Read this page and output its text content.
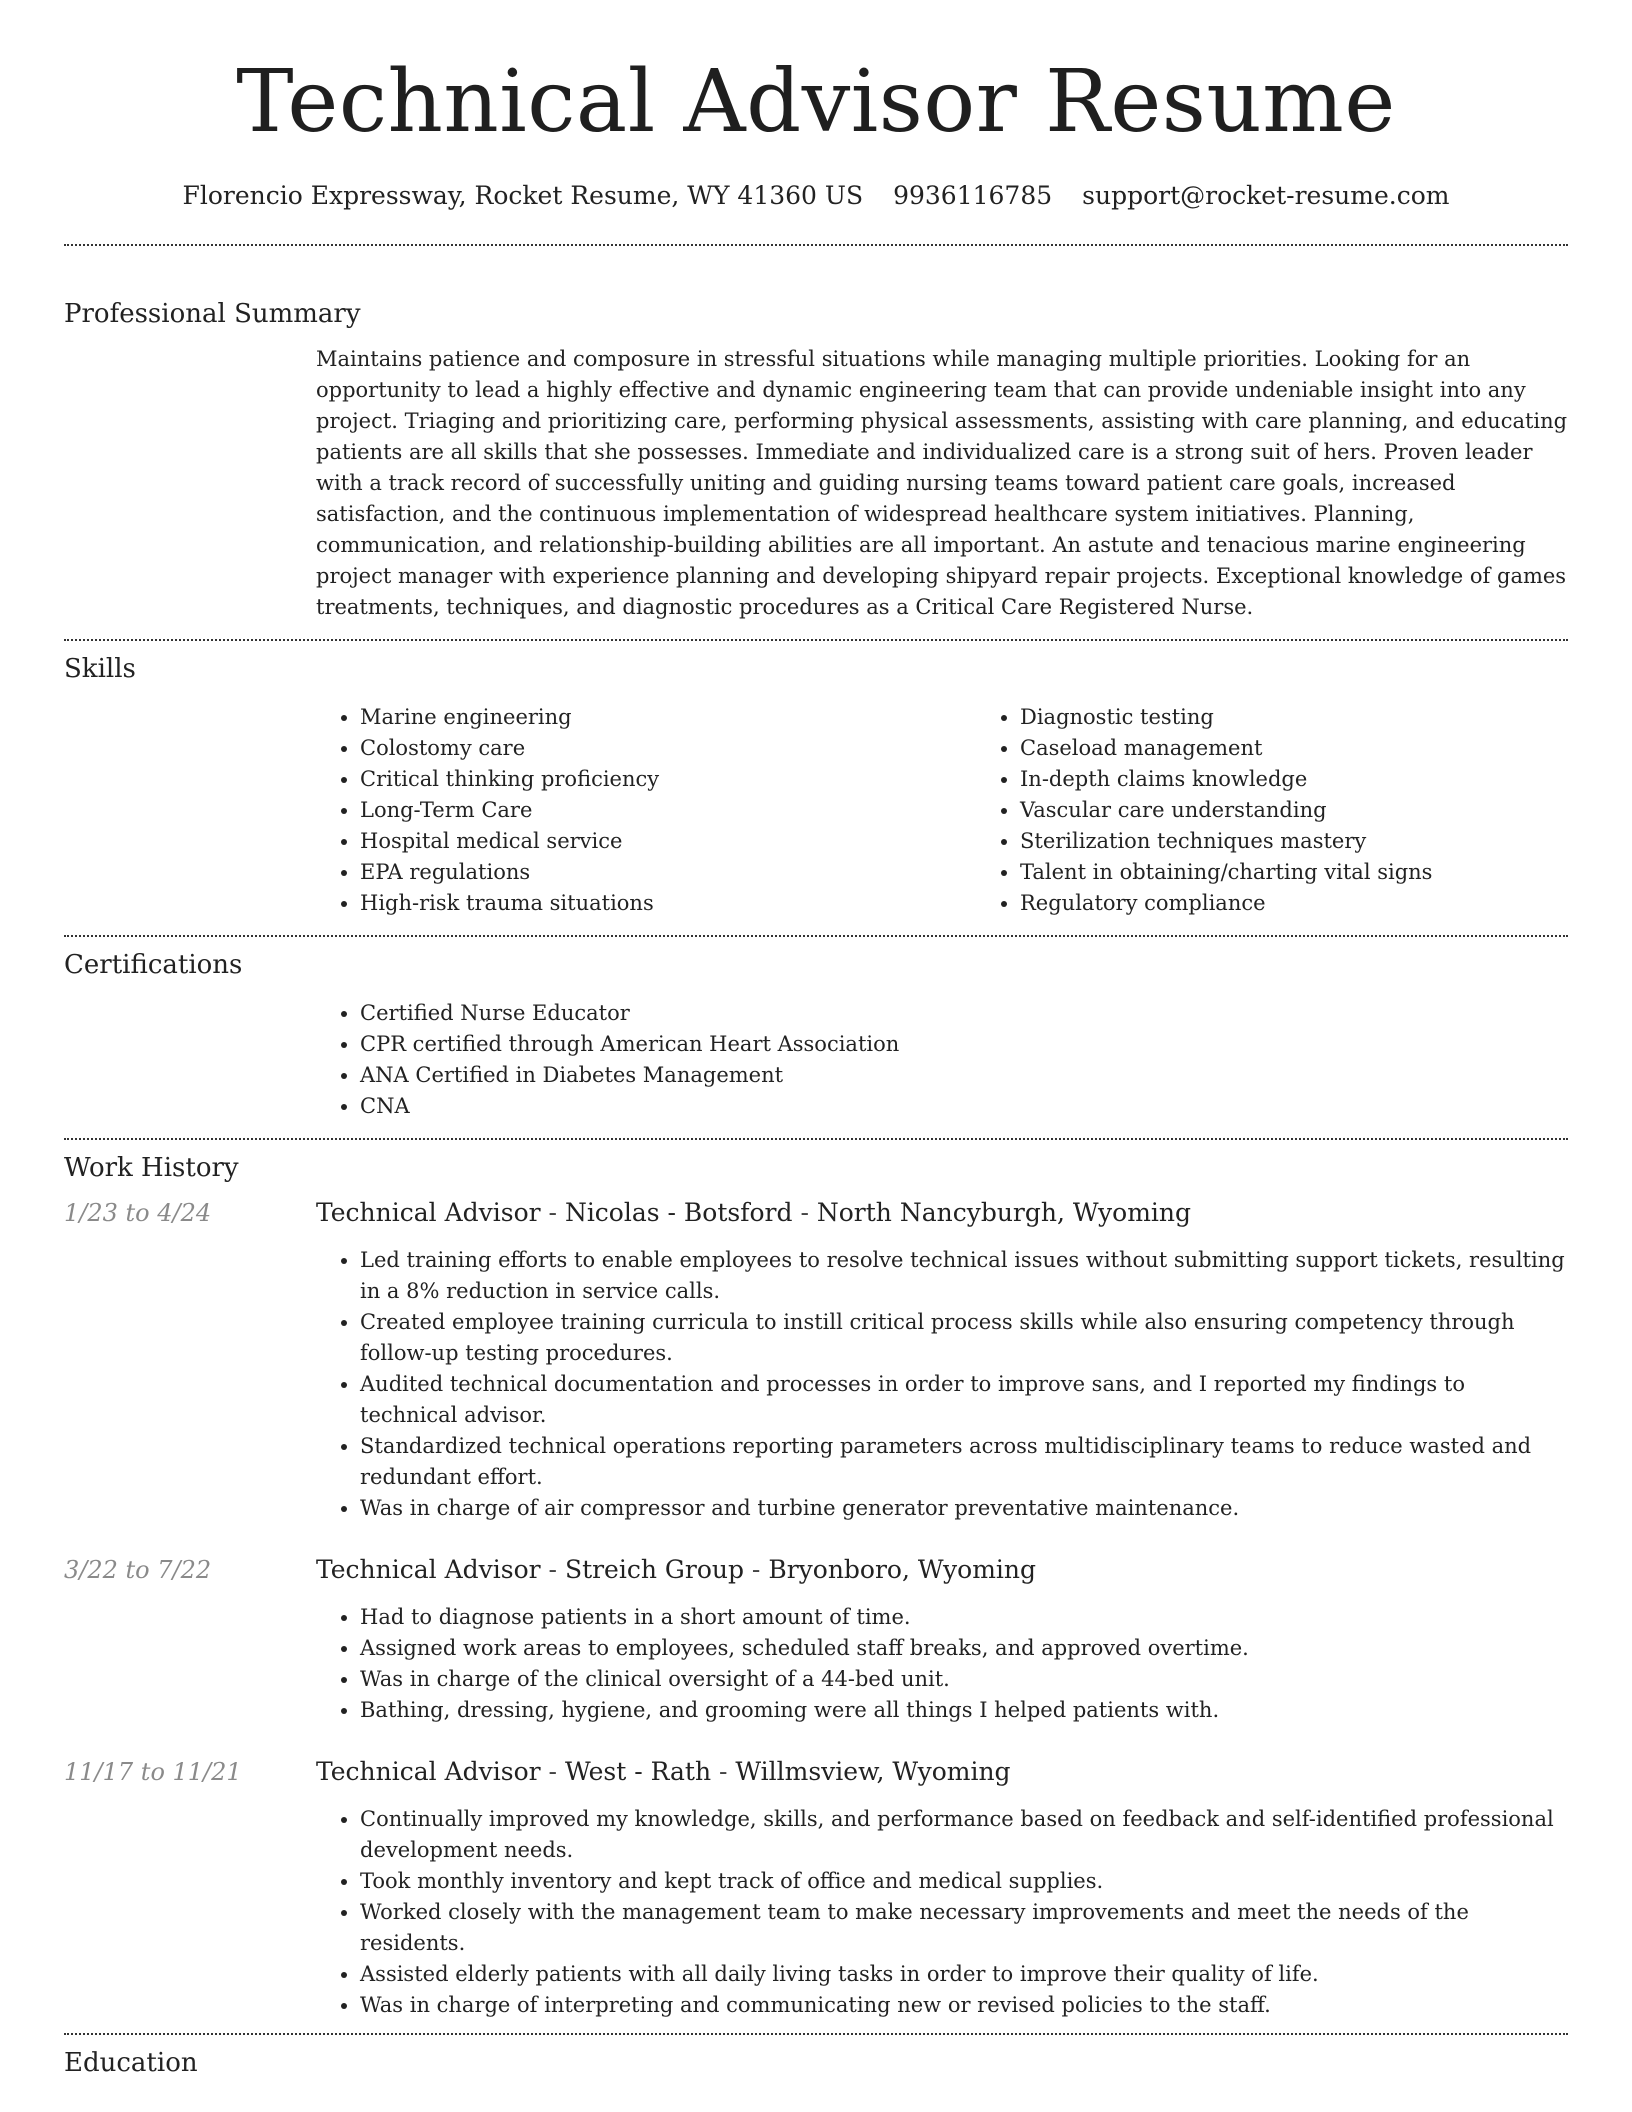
Technical Advisor Resume
Florencio Expressway, Rocket Resume, WY 41360 US 9936116785 support@rocket-resume.com
Professional Summary

Maintains patience and composure in stressful situations while managing multiple priorities. Looking for an opportunity to lead a highly effective and dynamic engineering team that can provide undeniable insight into any project. Triaging and prioritizing care, performing physical assessments, assisting with care planning, and educating patients are all skills that she possesses. Immediate and individualized care is a strong suit of hers. Proven leader with a track record of successfully uniting and guiding nursing teams toward patient care goals, increased satisfaction, and the continuous implementation of widespread healthcare system initiatives. Planning, communication, and relationship-building abilities are all important. An astute and tenacious marine engineering project manager with experience planning and developing shipyard repair projects. Exceptional knowledge of games treatments, techniques, and diagnostic procedures as a Critical Care Registered Nurse.

Skills
• Marine engineering
• Colostomy care
• Critical thinking proficiency
• Long-Term Care
• Hospital medical service
• EPA regulations
• High-risk trauma situations
• Diagnostic testing
• Caseload management
• In-depth claims knowledge
• Vascular care understanding
• Sterilization techniques mastery
• Talent in obtaining/charting vital signs
• Regulatory compliance
Certifications
• Certified Nurse Educator
• CPR certified through American Heart Association
• ANA Certified in Diabetes Management
• CNA
Work History
1/23 to 4/24	Technical Advisor - Nicolas - Botsford - North Nancyburgh, Wyoming
• Led training efforts to enable employees to resolve technical issues without submitting support tickets, resulting in a 8% reduction in service calls.
• Created employee training curricula to instill critical process skills while also ensuring competency through follow-up testing procedures.
• Audited technical documentation and processes in order to improve sans, and I reported my findings to technical advisor.
• Standardized technical operations reporting parameters across multidisciplinary teams to reduce wasted and redundant effort.
• Was in charge of air compressor and turbine generator preventative maintenance.
3/22 to 7/22	Technical Advisor - Streich Group - Bryonboro, Wyoming
• Had to diagnose patients in a short amount of time.
• Assigned work areas to employees, scheduled staff breaks, and approved overtime.
• Was in charge of the clinical oversight of a 44-bed unit.
• Bathing, dressing, hygiene, and grooming were all things I helped patients with.
11/17 to 11/21	Technical Advisor - West - Rath - Willmsview, Wyoming
• Continually improved my knowledge, skills, and performance based on feedback and self-identified professional development needs.
• Took monthly inventory and kept track of office and medical supplies.
• Worked closely with the management team to make necessary improvements and meet the needs of the residents.
• Assisted elderly patients with all daily living tasks in order to improve their quality of life.
• Was in charge of interpreting and communicating new or revised policies to the staff.
Education
